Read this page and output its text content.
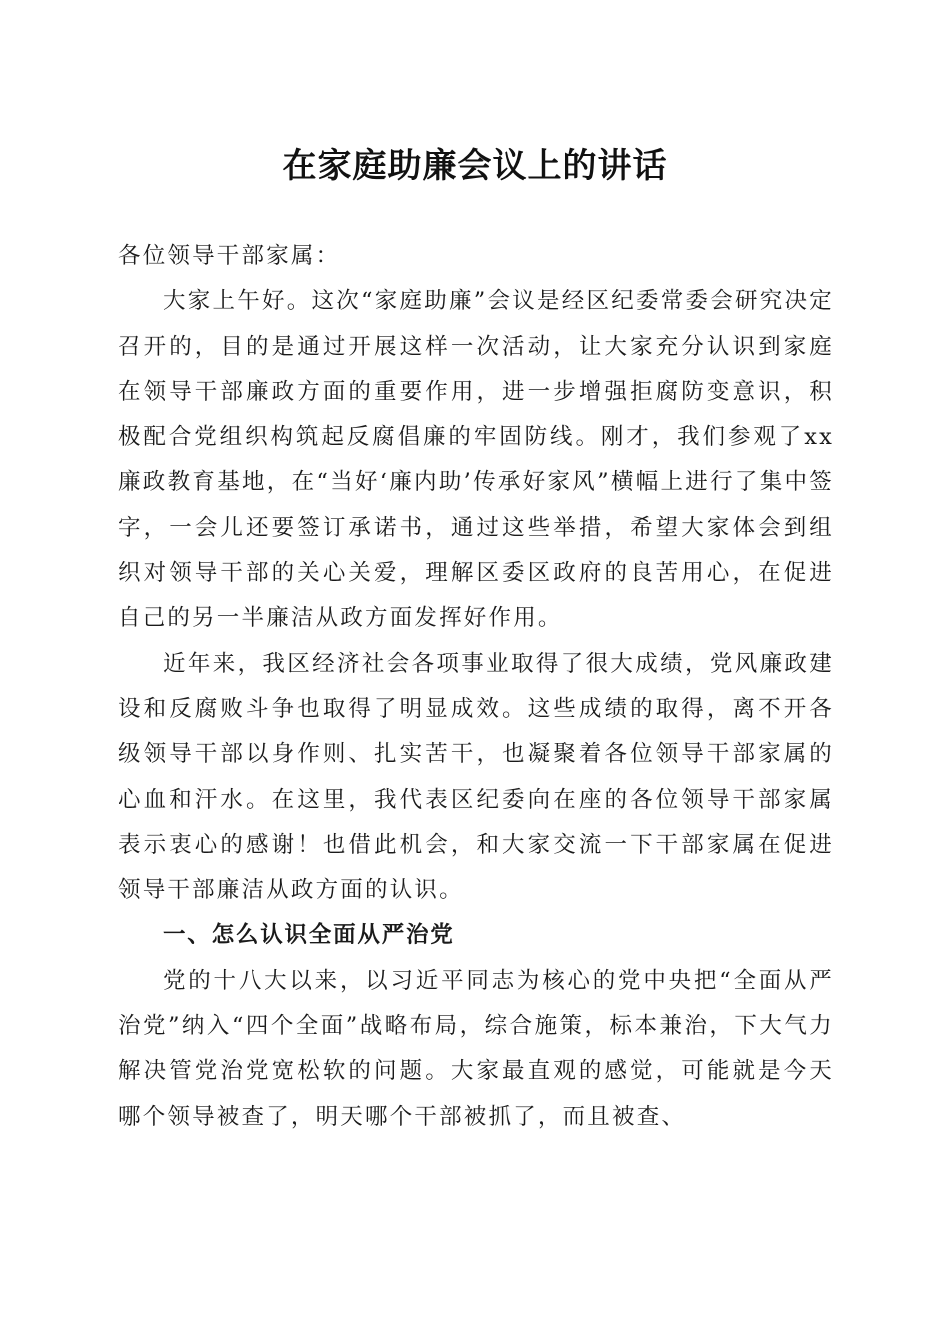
在家庭助廉会议上的讲话

各位领导干部家属：

大家上午好。这次“家庭助廉”会议是经区纪委常委会研究决定召开的，目的是通过开展这样一次活动，让大家充分认识到家庭在领导干部廉政方面的重要作用，进一步增强拒腐防变意识，积极配合党组织构筑起反腐倡廉的牢固防线。刚才，我们参观了xx廉政教育基地，在“当好‘廉内助’传承好家风”横幅上进行了集中签字，一会儿还要签订承诺书，通过这些举措，希望大家体会到组织对领导干部的关心关爱，理解区委区政府的良苦用心，在促进自己的另一半廉洁从政方面发挥好作用。

近年来，我区经济社会各项事业取得了很大成绩，党风廉政建设和反腐败斗争也取得了明显成效。这些成绩的取得，离不开各级领导干部以身作则、扎实苦干，也凝聚着各位领导干部家属的心血和汗水。在这里，我代表区纪委向在座的各位领导干部家属表示衷心的感谢！也借此机会，和大家交流一下干部家属在促进领导干部廉洁从政方面的认识。

一、怎么认识全面从严治党

党的十八大以来，以习近平同志为核心的党中央把“全面从严治党”纳入“四个全面”战略布局，综合施策，标本兼治，下大气力解决管党治党宽松软的问题。大家最直观的感觉，可能就是今天哪个领导被查了，明天哪个干部被抓了，而且被查、
